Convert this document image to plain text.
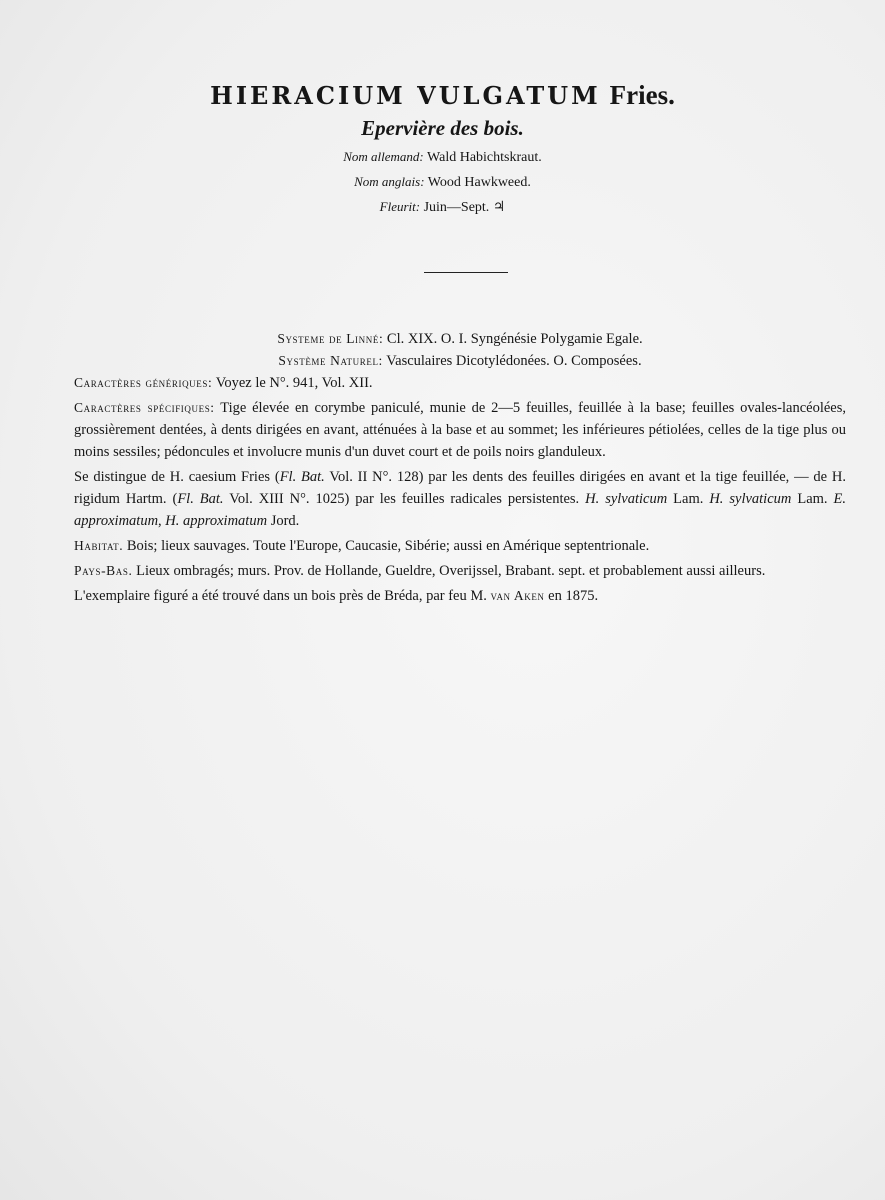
HIERACIUM VULGATUM Fries.
Epervière des bois.
Nom allemand: Wald Habichtskraut.
Nom anglais: Wood Hawkweed.
Fleurit: Juin—Sept. ♃

Systeme de Linné: Cl. XIX. O. I. Syngénésie Polygamie Egale.

Système Naturel: Vasculaires Dicotylédonées. O. Composées.

Caractères génériques: Voyez le N°. 941, Vol. XII.

Caractères spécifiques: Tige élevée en corymbe paniculé, munie de 2—5 feuilles, feuillée à la base; feuilles ovales-lancéolées, grossièrement dentées, à dents dirigées en avant, atténuées à la base et au sommet; les inférieures pétiolées, celles de la tige plus ou moins sessiles; pédoncules et involucre munis d'un duvet court et de poils noirs glanduleux.

Se distingue de H. caesium Fries (Fl. Bat. Vol. II N°. 128) par les dents des feuilles dirigées en avant et la tige feuillée, — de H. rigidum Hartm. (Fl. Bat. Vol. XIII N°. 1025) par les feuilles radicales persistentes. H. sylvaticum Lam. H. sylvaticum Lam. E. approximatum, H. approximatum Jord.

Habitat. Bois; lieux sauvages. Toute l'Europe, Caucasie, Sibérie; aussi en Amérique septentrionale.

Pays-Bas. Lieux ombragés; murs. Prov. de Hollande, Gueldre, Overijssel, Brabant. sept. et probablement aussi ailleurs.

L'exemplaire figuré a été trouvé dans un bois près de Bréda, par feu M. van Aken en 1875.
